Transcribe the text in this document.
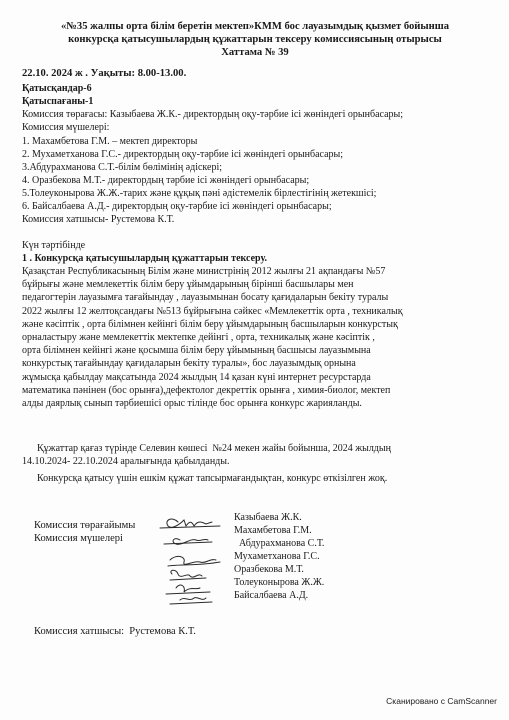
«№35 жалпы орта білім беретін мектеп»КММ бос лауазымдық қызмет бойынша
конкурсқа қатысушылардың құжаттарын тексеру комиссиясының отырысы
Хаттама № 39
22.10. 2024 ж . Уақыты: 8.00-13.00.
Қатысқандар-6
Қатыспағаны-1
Комиссия төрағасы: Казыбаева Ж.К.- директордың оқу-тәрбие ісі жөніндегі орынбасары;
Комиссия мүшелері:
1. Махамбетова Г.М. – мектеп директоры
2. Мухаметханова Г.С.- директордың оқу-тәрбие ісі жөніндегі орынбасары;
3.Абдурахманова С.Т.-білім бөлімінің әдіскері;
4. Оразбекова М.Т.- директордың тәрбие ісі жөніндегі орынбасары;
5.Толеуконырова Ж.Ж.-тарих және құқық пәні әдістемелік бірлестігінің жетекшісі;
6. Байсалбаева А.Д.- директордың оқу-тәрбие ісі жөніндегі орынбасары;
Комиссия хатшысы- Рустемова К.Т.
Күн тәртібінде
1 . Конкурсқа қатысушылардың құжаттарын тексеру.
Қазақстан Республикасының Білім және министрінің 2012 жылғы 21 ақпандағы №57
бұйрығы және мемлекеттік білім беру ұйымдарының бірінші басшылары мен
педагогтерін лауазымға тағайындау , лауазымынан босату қағидаларын бекіту туралы
2022 жылғы 12 желтоқсандағы №513 бұйрығына сәйкес «Мемлекеттік орта , техникалық
және кәсіптік , орта білімнен кейінгі білім беру ұйымдарының басшыларын конкурстық
орналастыру және мемлекеттік мектепке дейінгі , орта, техникалық және кәсіптік ,
орта білімнен кейінгі және қосымша білім беру ұйымының басшысы лауазымына
конкурстық тағайындау қағидаларын бекіту туралы», бос лауазымдық орнына
жұмысқа қабылдау мақсатында 2024 жылдың 14 қазан күні интернет ресурстарда
математика пәнінен (бос орынға),дефектолог декреттік орынға , химия-биолог, мектеп
алды даярлық сынып тәрбиешісі орыс тілінде бос орынға конкурс жарияланды.
Құжаттар қағаз түрінде Селевин көшесі  №24 мекен жайы бойынша, 2024 жылдың
14.10.2024- 22.10.2024 аралығында қабылданды.
Конкурсқа қатысу үшін ешкім құжат тапсырмағандықтан, конкурс өткізілген жоқ.
Комиссия төрағайымы
Комиссия мүшелері
Казыбаева Ж.К.
Махамбетова Г.М.
Абдурахманова С.Т.
Мухаметханова Г.С.
Оразбекова М.Т.
Толеуконырова Ж.Ж.
Байсалбаева А.Д.
Комиссия хатшысы:  Рустемова К.Т.
Сканировано с CamScanner
